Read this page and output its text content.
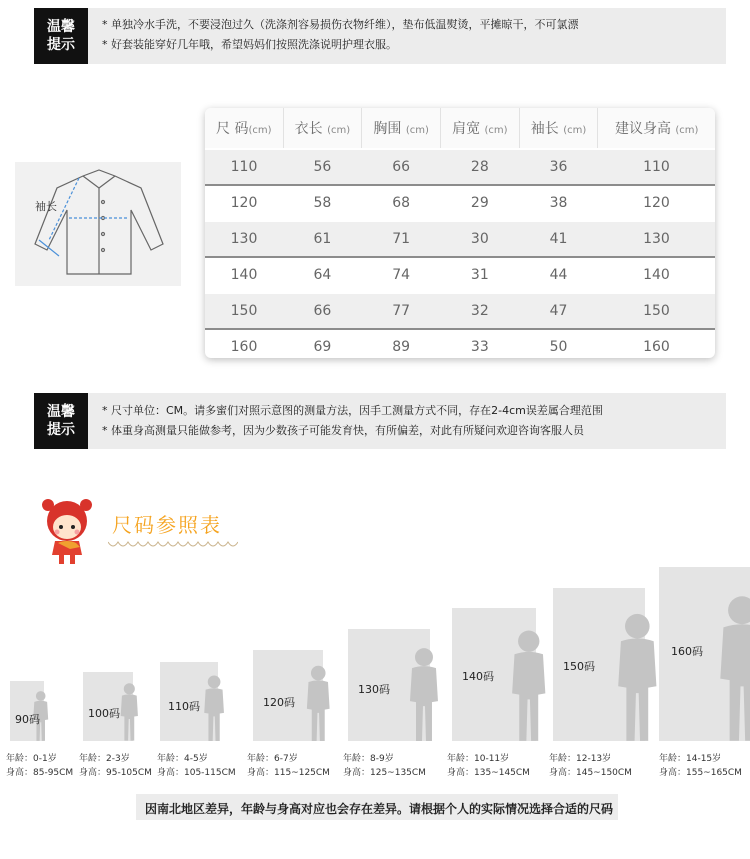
温馨
提示
* 单独冷水手洗，不要浸泡过久（洗涤剂容易损伤衣物纤维），垫布低温熨烫，平摊晾干，不可氯漂
* 好套装能穿好几年哦，希望妈妈们按照洗涤说明护理衣服。
袖长
尺 码(cm)	衣长 (cm)	胸围 (cm)	肩宽 (cm)	袖长 (cm)	建议身高 (cm)
110	56	66	28	36	110
120	58	68	29	38	120
130	61	71	30	41	130
140	64	74	31	44	140
150	66	77	32	47	150
160	69	89	33	50	160
温馨
提示
* 尺寸单位：CM。请多蜜们对照示意图的测量方法，因手工测量方式不同，存在2-4cm误差属合理范围
* 体重身高测量只能做参考，因为少数孩子可能发育快，有所偏差，对此有所疑问欢迎咨询客服人员
尺码参照表
90码	100码
110码	120码
130码
140码
150码
160码
年龄：0-1岁
身高：85-95CM
年龄：2-3岁
身高：95-105CM
年龄：4-5岁
身高：105-115CM
年龄：6-7岁
身高：115~125CM
年龄：8-9岁
身高：125~135CM
年龄：10-11岁
身高：135~145CM
年龄：12-13岁
身高：145~150CM
年龄：14-15岁
身高：155~165CM
因南北地区差异，年龄与身高对应也会存在差异。请根据个人的实际情况选择合适的尺码
